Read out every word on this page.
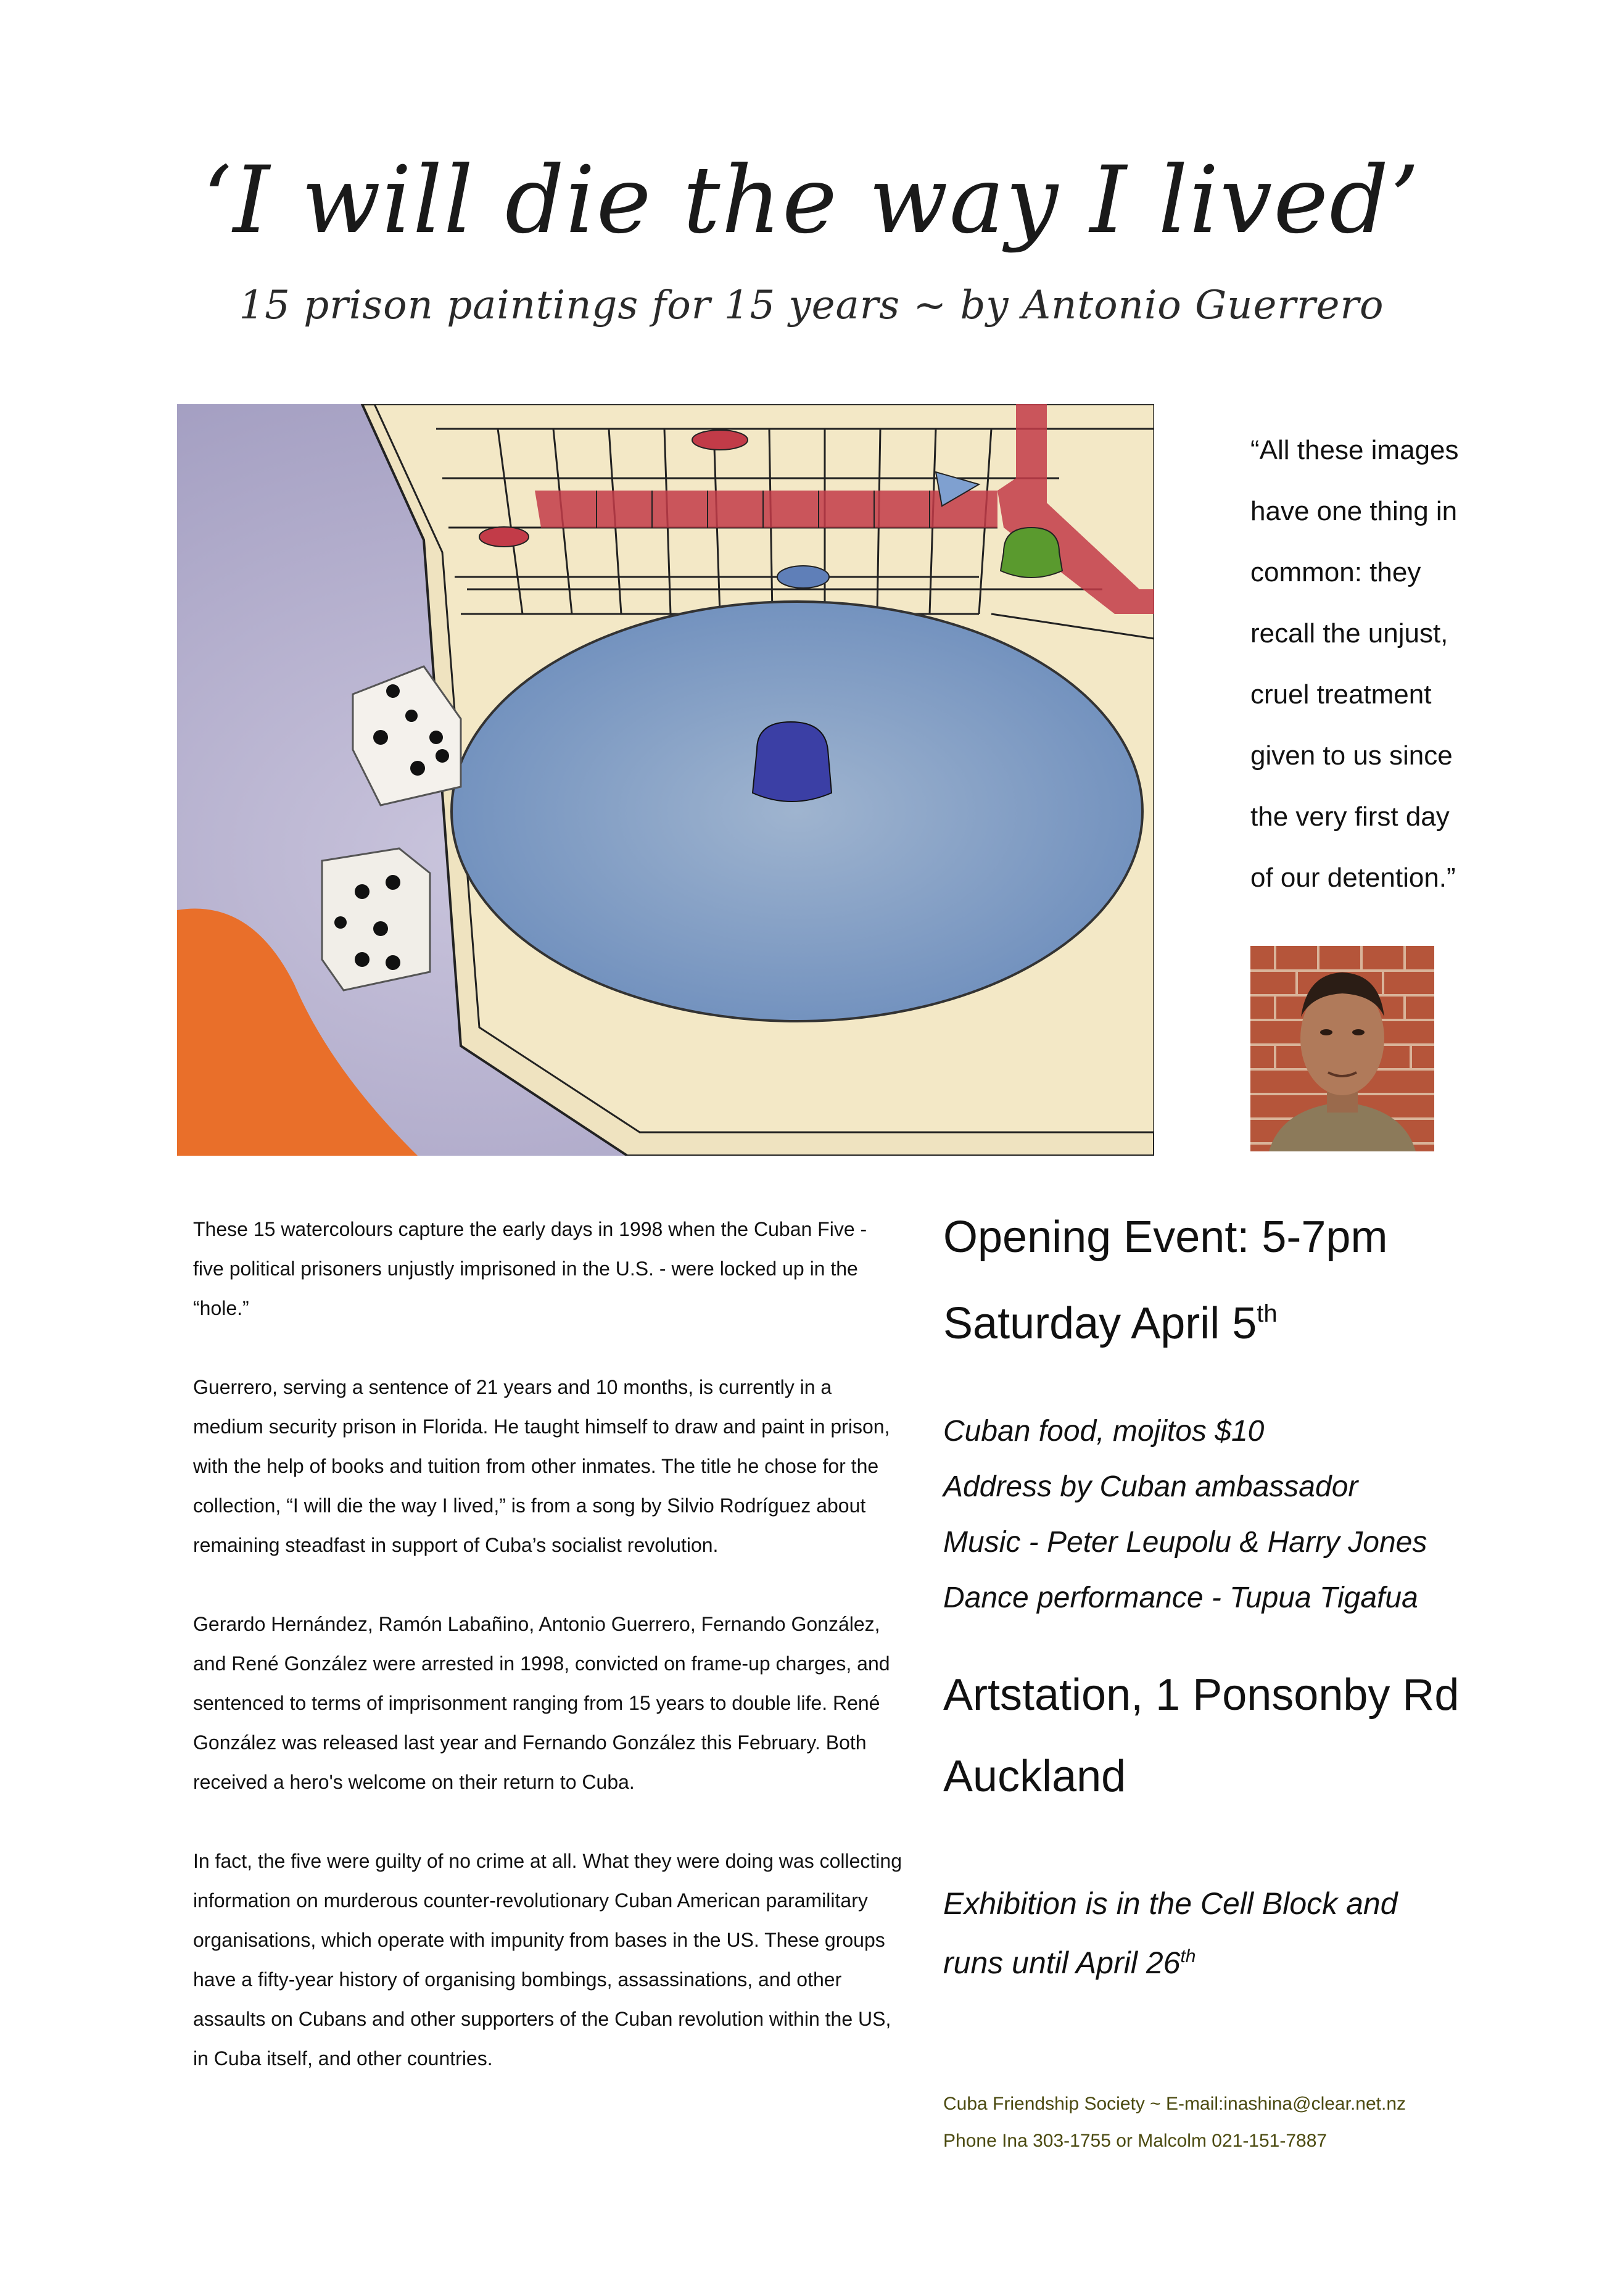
‘I will die the way I lived’
15 prison paintings for 15 years ~ by Antonio Guerrero
“All these images
have one thing in
common: they
recall the unjust,
cruel treatment
given to us since
the very first day
of our detention.”

These 15 watercolours capture the early days in 1998 when the Cuban Five - five political prisoners unjustly imprisoned in the U.S. - were locked up in the “hole.”

Guerrero, serving a sentence of 21 years and 10 months, is currently in a medium security prison in Florida. He taught himself to draw and paint in prison, with the help of books and tuition from other inmates. The title he chose for the collection, “I will die the way I lived,” is from a song by Silvio Rodríguez about remaining steadfast in support of Cuba’s socialist revolution.

Gerardo Hernández, Ramón Labañino, Antonio Guerrero, Fernando González, and René González were arrested in 1998, convicted on frame-up charges, and sentenced to terms of imprisonment ranging from 15 years to double life. René González was released last year and Fernando González this February. Both received a hero's welcome on their return to Cuba.

In fact, the five were guilty of no crime at all. What they were doing was collecting information on murderous counter-revolutionary Cuban American paramilitary organisations, which operate with impunity from bases in the US. These groups have a fifty-year history of organising bombings, assassinations, and other assaults on Cubans and other supporters of the Cuban revolution within the US, in Cuba itself, and other countries.

Opening Event: 5-7pm
Saturday April 5th
Cuban food, mojitos $10
Address by Cuban ambassador
Music - Peter Leupolu & Harry Jones
Dance performance - Tupua Tigafua
Artstation, 1 Ponsonby Rd
Auckland
Exhibition is in the Cell Block and
runs until April 26th
Cuba Friendship Society ~ E-mail:inashina@clear.net.nz
Phone Ina 303-1755 or Malcolm 021-151-7887
